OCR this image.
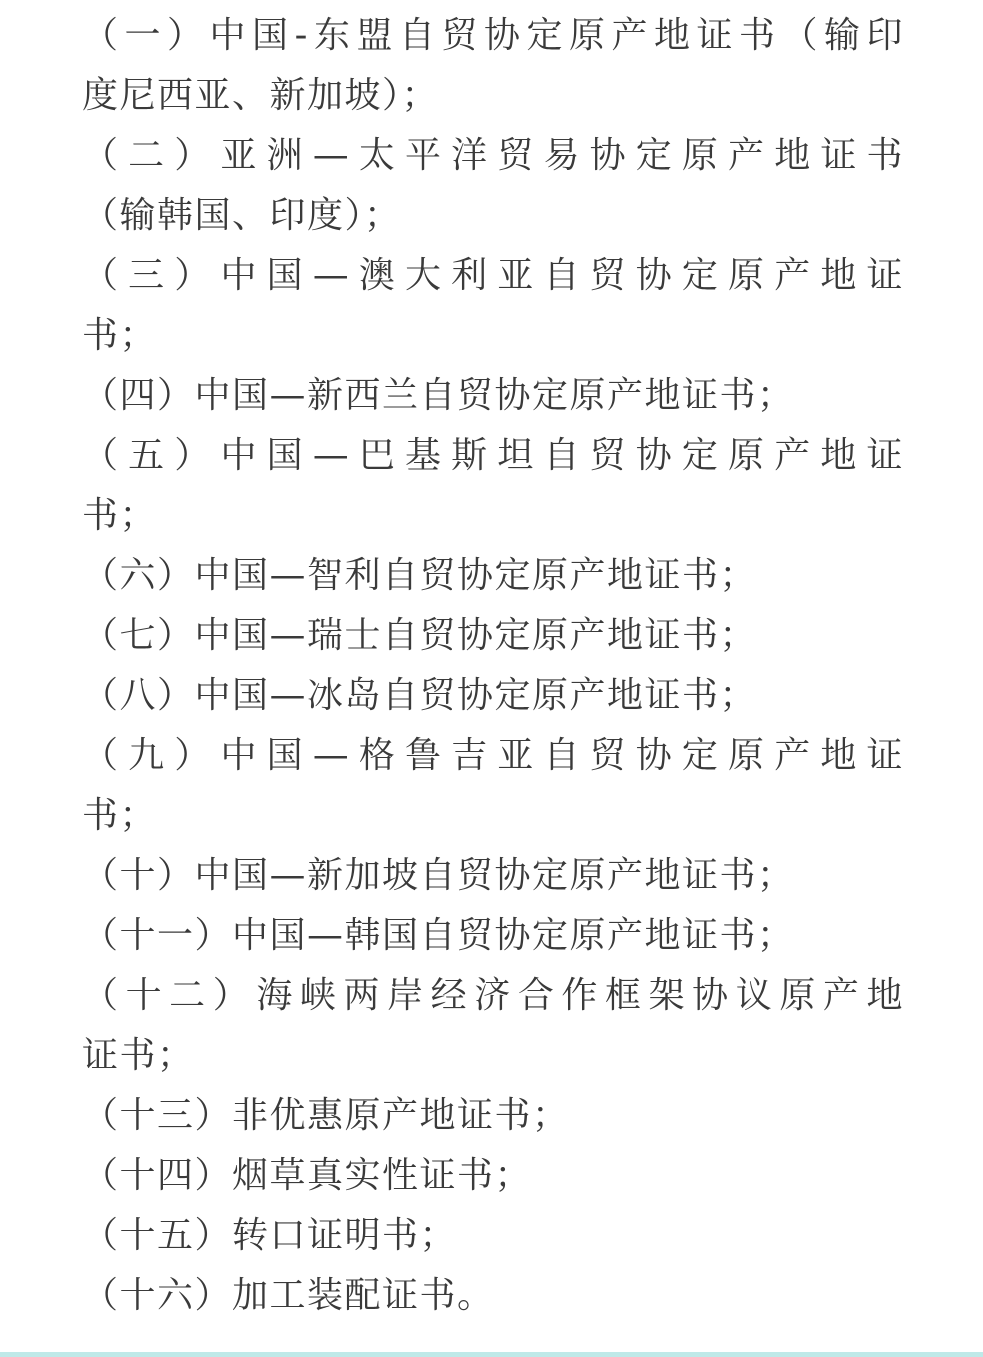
（一）中国-东盟自贸协定原产地证书（输印
度尼西亚、新加坡）；
（二）亚洲—太平洋贸易协定原产地证书
（输韩国、印度）；
（三）中国—澳大利亚自贸协定原产地证
书；
（四）中国—新西兰自贸协定原产地证书；
（五）中国—巴基斯坦自贸协定原产地证
书；
（六）中国—智利自贸协定原产地证书；
（七）中国—瑞士自贸协定原产地证书；
（八）中国—冰岛自贸协定原产地证书；
（九）中国—格鲁吉亚自贸协定原产地证
书；
（十）中国—新加坡自贸协定原产地证书；
（十一）中国—韩国自贸协定原产地证书；
（十二）海峡两岸经济合作框架协议原产地
证书；
（十三）非优惠原产地证书；
（十四）烟草真实性证书；
（十五）转口证明书；
（十六）加工装配证书。
